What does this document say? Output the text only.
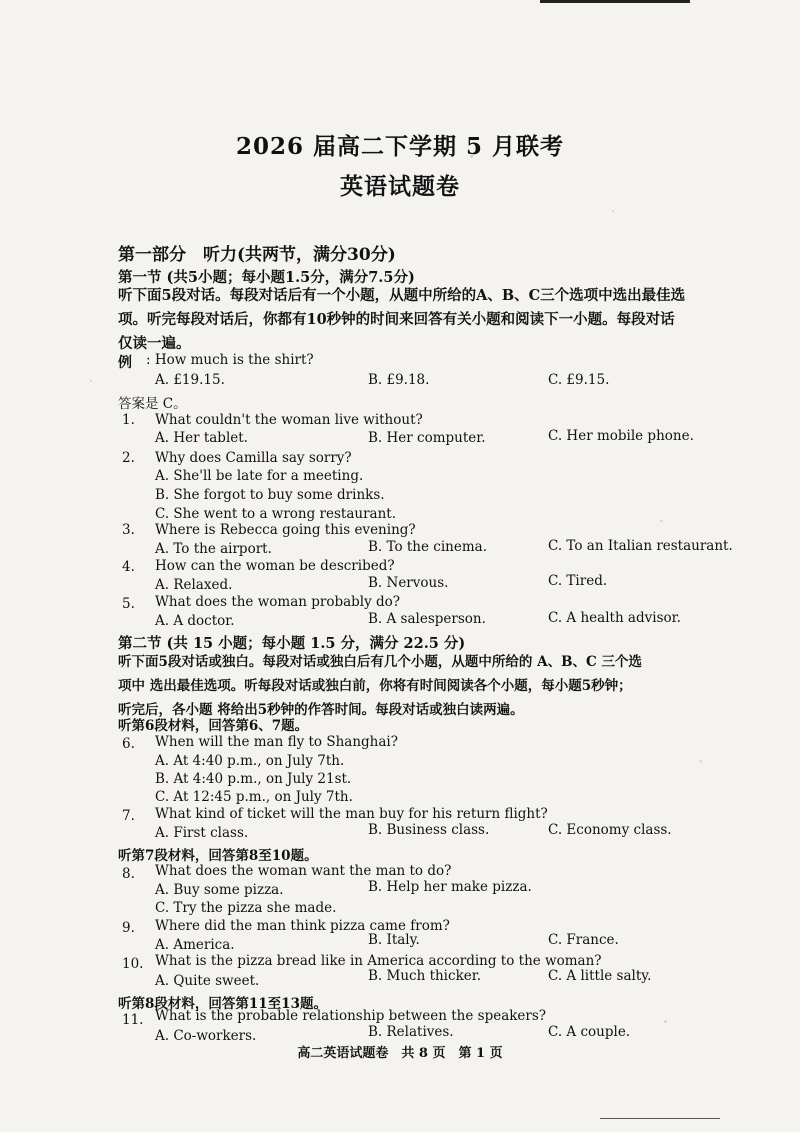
2026 届高二下学期 5 月联考
英语试题卷

第一部分　听力(共两节，满分30分)

第一节 (共5小题；每小题1.5分，满分7.5分)

听下面5段对话。每段对话后有一个小题，从题中所给的A、B、C三个选项中选出最佳选

项。听完每段对话后，你都有10秒钟的时间来回答有关小题和阅读下一小题。每段对话

仅读一遍。

例 : How much is the shirt?
A. £19.15.	B. £9.18.	C. £9.15.
答案是 C。
1. What couldn't the woman live without?
A. Her tablet.	B. Her computer.	C. Her mobile phone.
2. Why does Camilla say sorry?
A. She'll be late for a meeting.
B. She forgot to buy some drinks.
C. She went to a wrong restaurant.
3. Where is Rebecca going this evening?
A. To the airport.	B. To the cinema.	C. To an Italian restaurant.
4. How can the woman be described?
A. Relaxed.	B. Nervous.	C. Tired.
5. What does the woman probably do?
A. A doctor.	B. A salesperson.	C. A health advisor.

第二节 (共 15 小题；每小题 1.5 分，满分 22.5 分)

听下面5段对话或独白。每段对话或独白后有几个小题，从题中所给的 A、B、C 三个选

项中 选出最佳选项。听每段对话或独白前，你将有时间阅读各个小题，每小题5秒钟；

听完后，各小题 将给出5秒钟的作答时间。每段对话或独白读两遍。

听第6段材料，回答第6、7题。
6. When will the man fly to Shanghai?
A. At 4:40 p.m., on July 7th.
B. At 4:40 p.m., on July 21st.
C. At 12:45 p.m., on July 7th.
7. What kind of ticket will the man buy for his return flight?
A. First class.	B. Business class.	C. Economy class.
听第7段材料，回答第8至10题。
8. What does the woman want the man to do?
A. Buy some pizza.	B. Help her make pizza.
C. Try the pizza she made.
9. Where did the man think pizza came from?
A. America.	B. Italy.	C. France.
10. What is the pizza bread like in America according to the woman?
A. Quite sweet.	B. Much thicker.	C. A little salty.
听第8段材料，回答第11至13题。
11. What is the probable relationship between the speakers?
A. Co-workers.	B. Relatives.	C. A couple.
高二英语试题卷　共 8 页　第 1 页
